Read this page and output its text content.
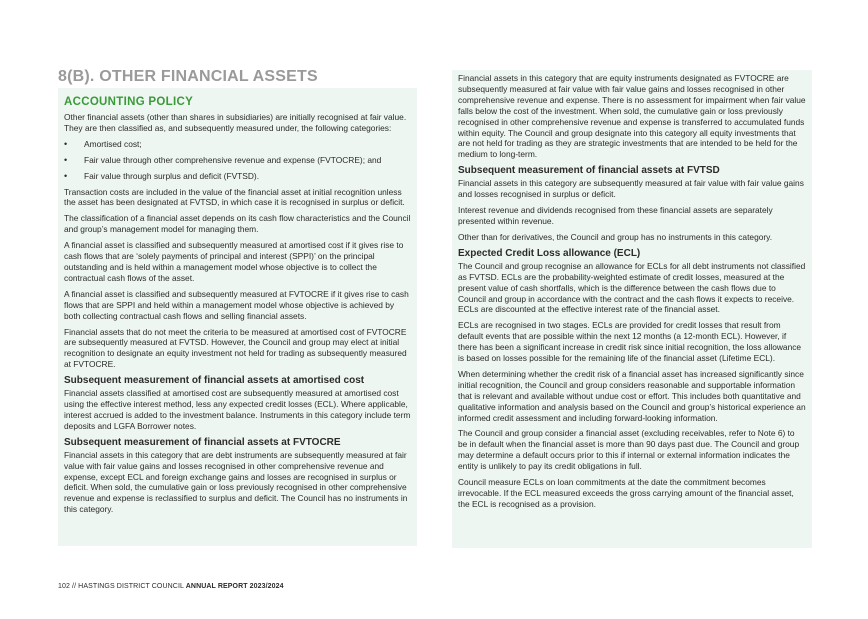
8(B). OTHER FINANCIAL ASSETS
ACCOUNTING POLICY

Other financial assets (other than shares in subsidiaries) are initially recognised at fair value. They are then classified as, and subsequently measured under, the following categories:

• Amortised cost;
• Fair value through other comprehensive revenue and expense (FVTOCRE); and
• Fair value through surplus and deficit (FVTSD).

Transaction costs are included in the value of the financial asset at initial recognition unless the asset has been designated at FVTSD, in which case it is recognised in surplus or deficit.

The classification of a financial asset depends on its cash flow characteristics and the Council and group’s management model for managing them.

A financial asset is classified and subsequently measured at amortised cost if it gives rise to cash flows that are ‘solely payments of principal and interest (SPPI)’ on the principal outstanding and is held within a management model whose objective is to collect the contractual cash flows of the asset.

A financial asset is classified and subsequently measured at FVTOCRE if it gives rise to cash flows that are SPPI and held within a management model whose objective is achieved by both collecting contractual cash flows and selling financial assets.

Financial assets that do not meet the criteria to be measured at amortised cost of FVTOCRE are subsequently measured at FVTSD. However, the Council and group may elect at initial recognition to designate an equity investment not held for trading as subsequently measured at FVTOCRE.

Subsequent measurement of financial assets at amortised cost

Financial assets classified at amortised cost are subsequently measured at amortised cost using the effective interest method, less any expected credit losses (ECL). Where applicable, interest accrued is added to the investment balance. Instruments in this category include term deposits and LGFA Borrower notes.

Subsequent measurement of financial assets at FVTOCRE

Financial assets in this category that are debt instruments are subsequently measured at fair value with fair value gains and losses recognised in other comprehensive revenue and expense, except ECL and foreign exchange gains and losses are recognised in surplus or deficit. When sold, the cumulative gain or loss previously recognised in other comprehensive revenue and expense is reclassified to surplus and deficit. The Council has no instruments in this category.

Financial assets in this category that are equity instruments designated as FVTOCRE are subsequently measured at fair value with fair value gains and losses recognised in other comprehensive revenue and expense. There is no assessment for impairment when fair value falls below the cost of the investment. When sold, the cumulative gain or loss previously recognised in other comprehensive revenue and expense is transferred to accumulated funds within equity. The Council and group designate into this category all equity investments that are not held for trading as they are strategic investments that are intended to be held for the medium to long-term.

Subsequent measurement of financial assets at FVTSD

Financial assets in this category are subsequently measured at fair value with fair value gains and losses recognised in surplus or deficit.

Interest revenue and dividends recognised from these financial assets are separately presented within revenue.

Other than for derivatives, the Council and group has no instruments in this category.

Expected Credit Loss allowance (ECL)

The Council and group recognise an allowance for ECLs for all debt instruments not classified as FVTSD. ECLs are the probability-weighted estimate of credit losses, measured at the present value of cash shortfalls, which is the difference between the cash flows due to Council and group in accordance with the contract and the cash flows it expects to receive. ECLs are discounted at the effective interest rate of the financial asset.

ECLs are recognised in two stages. ECLs are provided for credit losses that result from default events that are possible within the next 12 months (a 12-month ECL). However, if there has been a significant increase in credit risk since initial recognition, the loss allowance is based on losses possible for the remaining life of the financial asset (Lifetime ECL).

When determining whether the credit risk of a financial asset has increased significantly since initial recognition, the Council and group considers reasonable and supportable information that is relevant and available without undue cost or effort. This includes both quantitative and qualitative information and analysis based on the Council and group’s historical experience an informed credit assessment and including forward-looking information.

The Council and group consider a financial asset (excluding receivables, refer to Note 6) to be in default when the financial asset is more than 90 days past due. The Council and group may determine a default occurs prior to this if internal or external information indicates the entity is unlikely to pay its credit obligations in full.

Council measure ECLs on loan commitments at the date the commitment becomes irrevocable. If the ECL measured exceeds the gross carrying amount of the financial asset, the ECL is recognised as a provision.

102 // HASTINGS DISTRICT COUNCIL ANNUAL REPORT 2023/2024
